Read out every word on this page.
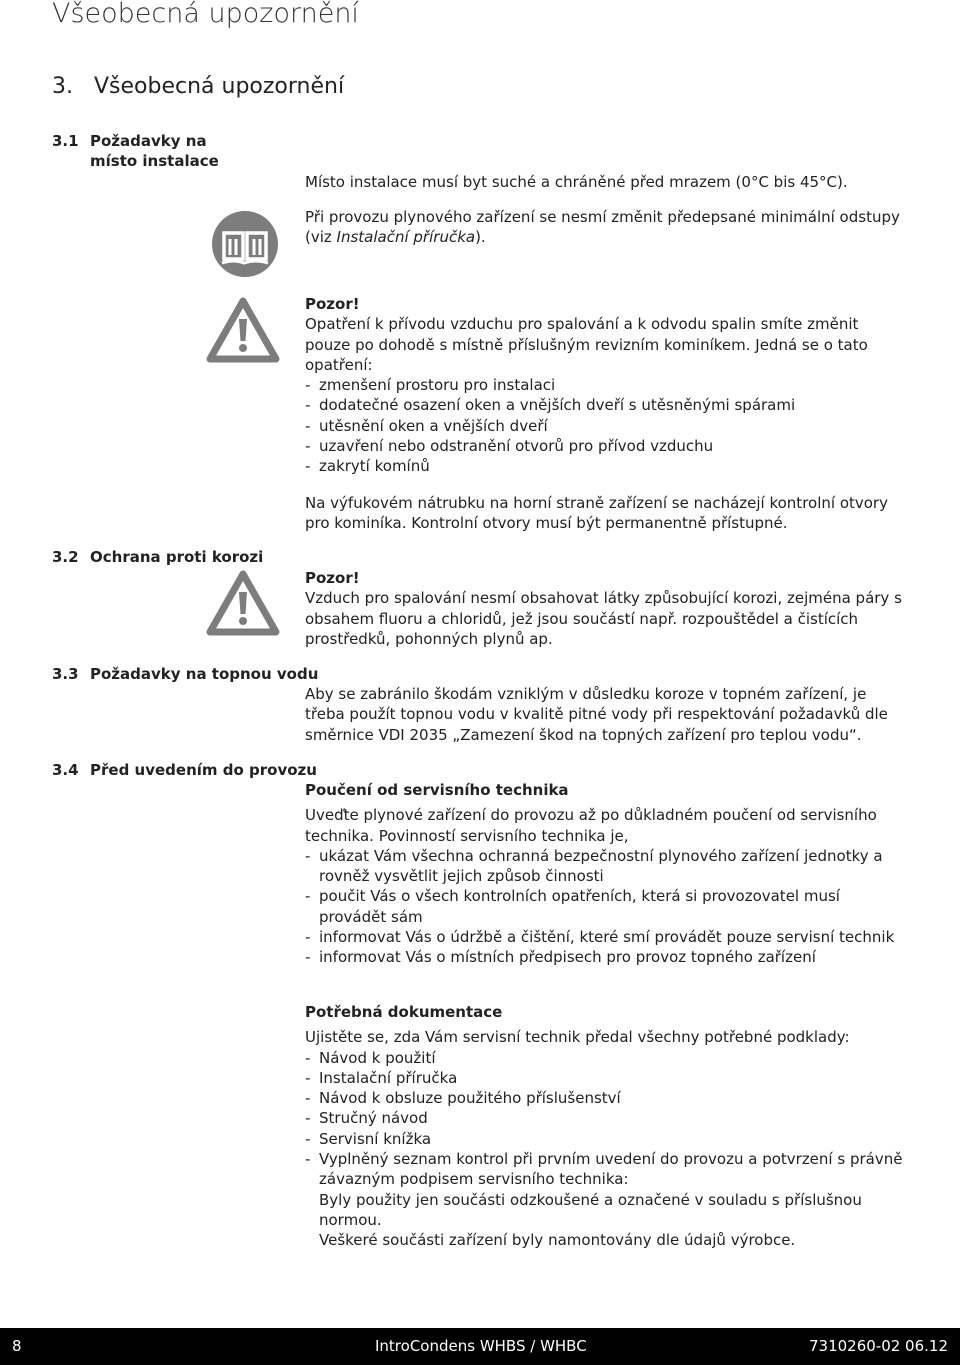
Všeobecná upozornění
3. Všeobecná upozornění
3.1 Požadavky na místo instalace
3.2 Ochrana proti korozi
3.3 Požadavky na topnou vodu
3.4 Před uvedením do provozu
Místo instalace musí byt suché a chráněné před mrazem (0°C bis 45°C).
Při provozu plynového zařízení se nesmí změnit předepsané minimální odstupy (viz Instalační příručka).

Pozor!

Opatření k přívodu vzduchu pro spalování a k odvodu spalin smíte změnit pouze po dohodě s místně příslušným revizním kominíkem. Jedná se o tato opatření:

- zmenšení prostoru pro instalaci
- dodatečné osazení oken a vnějších dveří s utěsněnými spárami
- utěsnění oken a vnějších dveří
- uzavření nebo odstranění otvorů pro přívod vzduchu
- zakrytí komínů
Na výfukovém nátrubku na horní straně zařízení se nacházejí kontrolní otvory pro kominíka. Kontrolní otvory musí být permanentně přístupné.

Pozor!

Vzduch pro spalování nesmí obsahovat látky způsobující korozi, zejména páry s obsahem fluoru a chloridů, jež jsou součástí např. rozpouštědel a čistících prostředků, pohonných plynů ap.

Aby se zabránilo škodám vzniklým v důsledku koroze v topném zařízení, je třeba použít topnou vodu v kvalitě pitné vody při respektování požadavků dle směrnice VDI 2035 „Zamezení škod na topných zařízení pro teplou vodu“.

Poučení od servisního technika

Uveďte plynové zařízení do provozu až po důkladném poučení od servisního technika. Povinností servisního technika je,

- ukázat Vám všechna ochranná bezpečnostní plynového zařízení jednotky a rovněž vysvětlit jejich způsob činnosti
- poučit Vás o všech kontrolních opatřeních, která si provozovatel musí provádět sám
- informovat Vás o údržbě a čištění, které smí provádět pouze servisní technik
- informovat Vás o místních předpisech pro provoz topného zařízení

Potřebná dokumentace

Ujistěte se, zda Vám servisní technik předal všechny potřebné podklady:

- Návod k použití
- Instalační příručka
- Návod k obsluze použitého příslušenství
- Stručný návod
- Servisní knížka
- Vyplněný seznam kontrol při prvním uvedení do provozu a potvrzení s právně závazným podpisem servisního technika:
Byly použity jen součásti odzkoušené a označené v souladu s příslušnou normou.
Veškeré součásti zařízení byly namontovány dle údajů výrobce.
8	IntroCondens WHBS / WHBC	7310260-02 06.12
